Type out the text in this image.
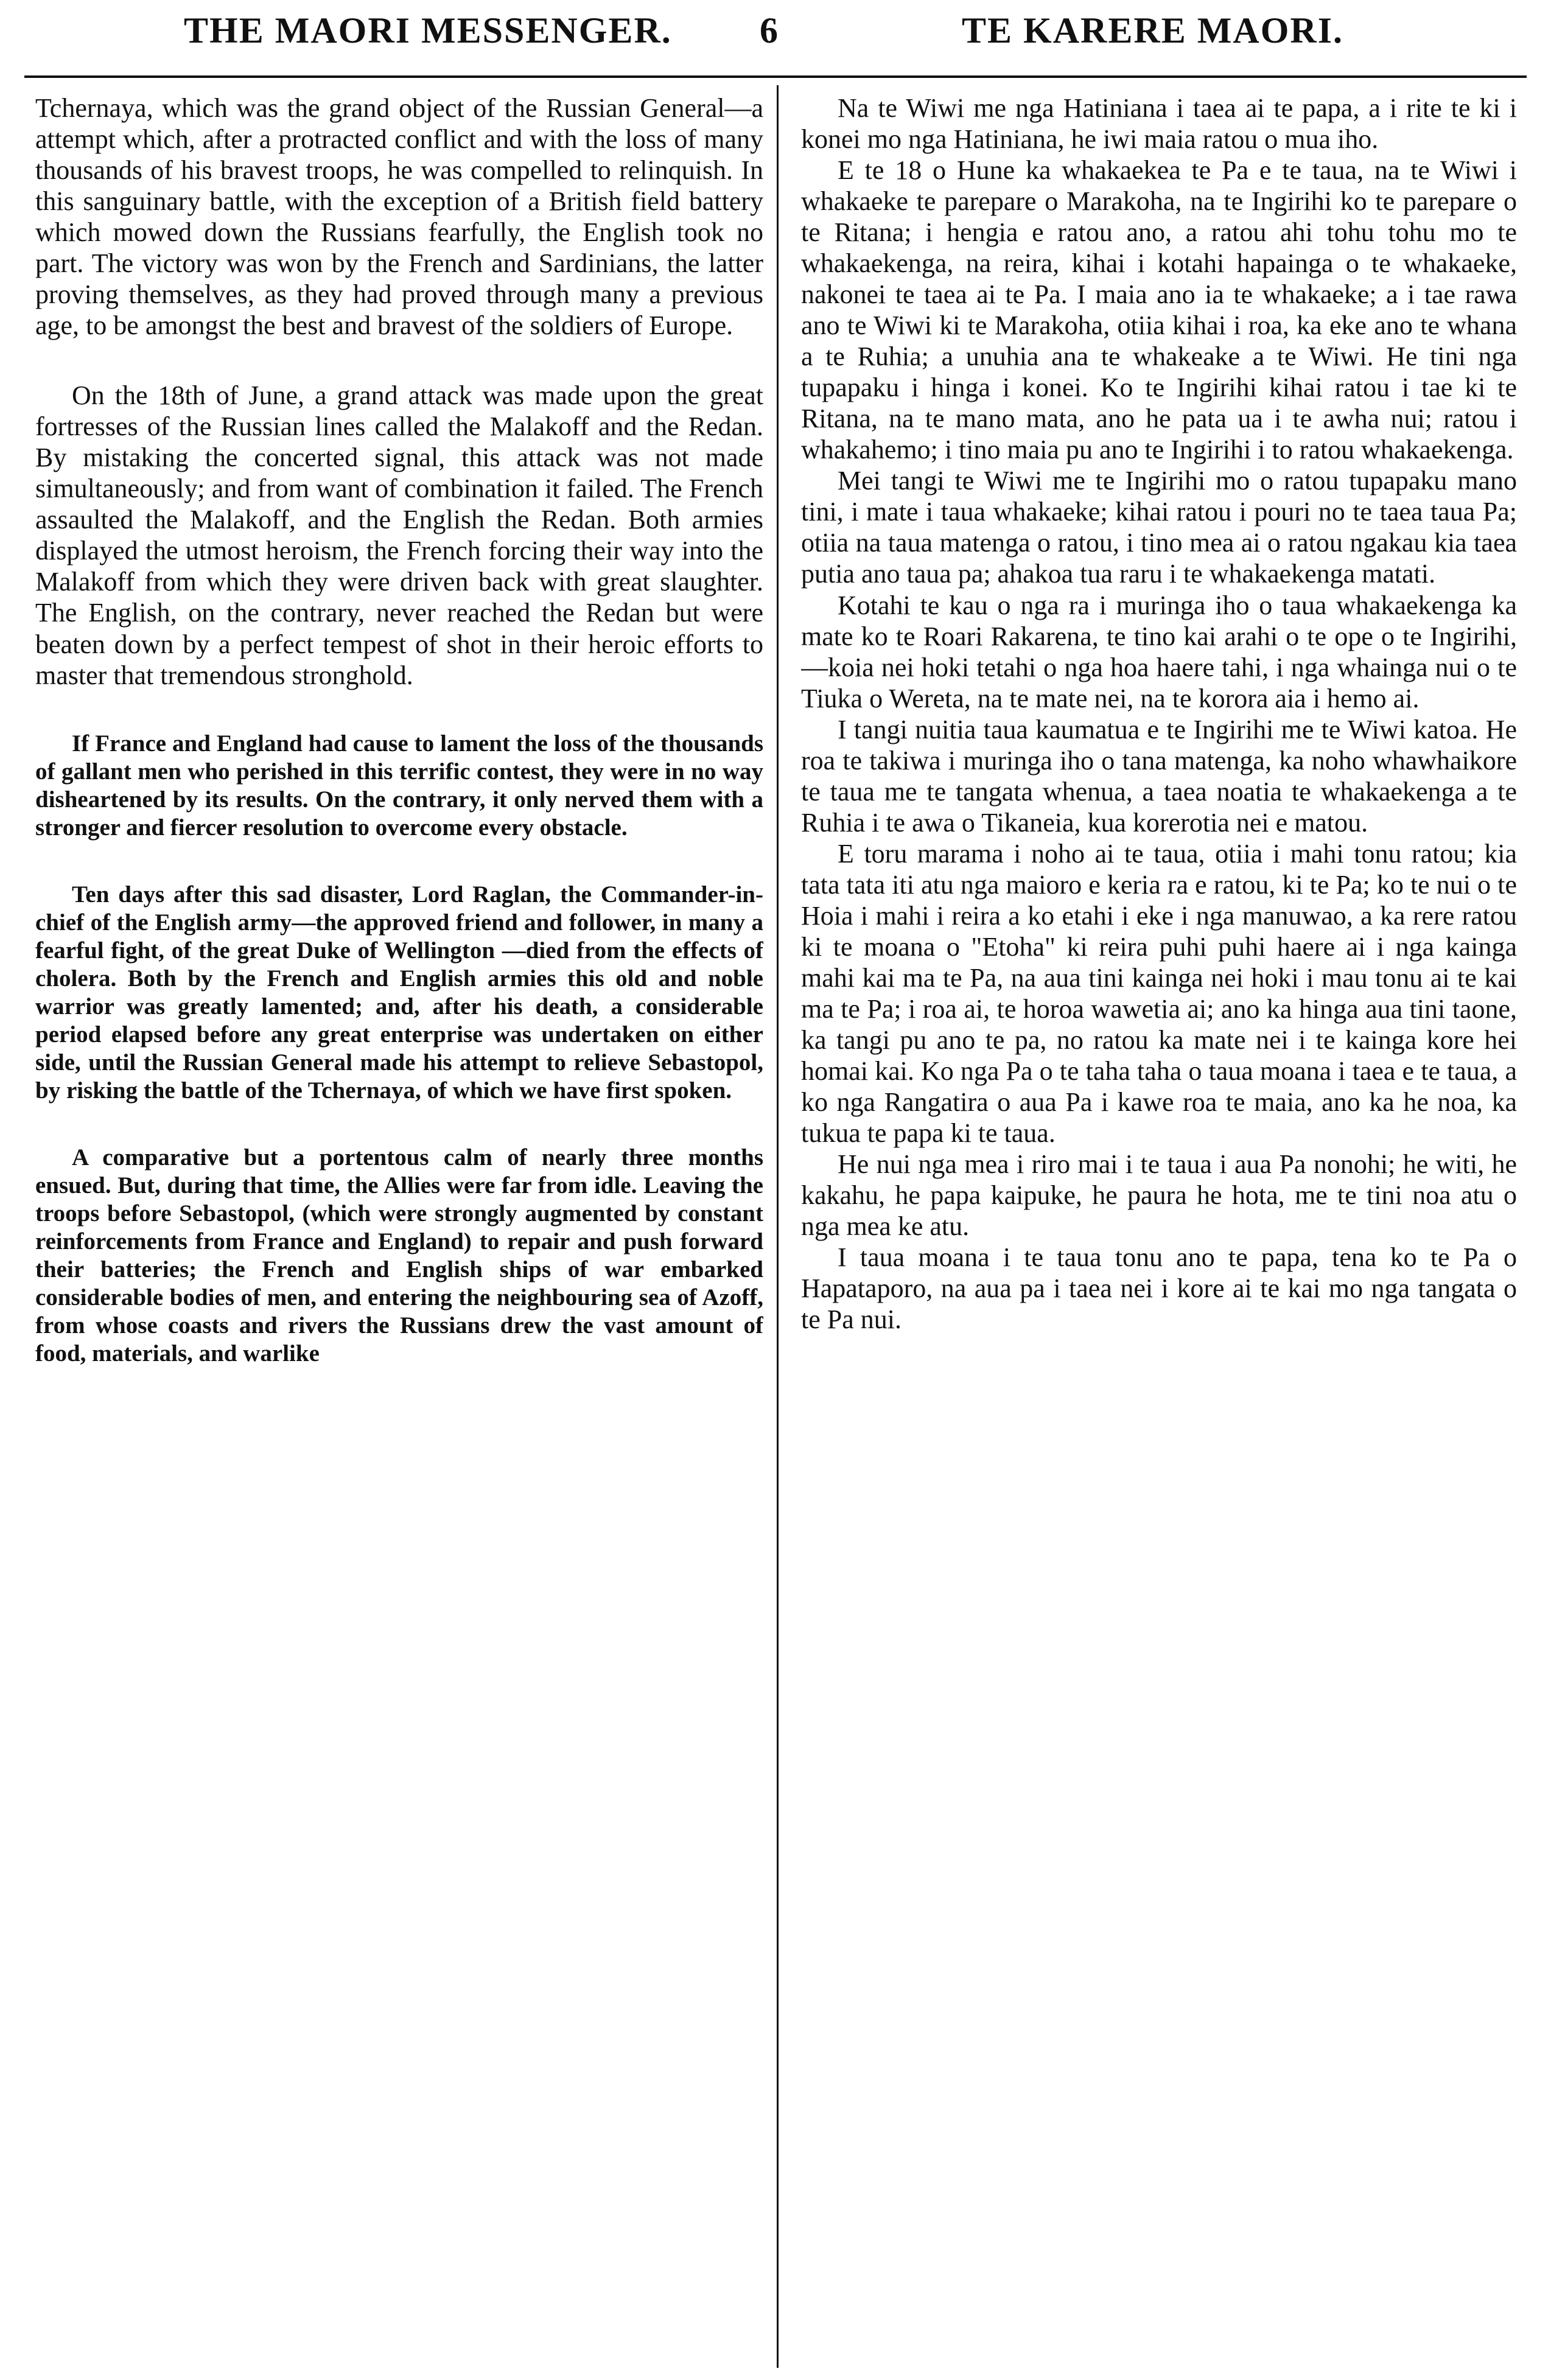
THE MAORI MESSENGER. 6	TE KARERE MAORI.

Tchernaya, which was the grand object of the Russian General—a attempt which, after a protracted conflict and with the loss of many thousands of his bravest troops, he was compelled to relinquish. In this sanguinary battle, with the exception of a British field battery which mowed down the Russians fearfully, the English took no part. The victory was won by the French and Sardinians, the latter proving themselves, as they had proved through many a previous age, to be amongst the best and bravest of the soldiers of Europe.

On the 18th of June, a grand attack was made upon the great fortresses of the Russian lines called the Malakoff and the Redan. By mistaking the concerted signal, this attack was not made simultaneously; and from want of combination it failed. The French assaulted the Malakoff, and the English the Redan. Both armies displayed the utmost heroism, the French forcing their way into the Malakoff from which they were driven back with great slaughter. The English, on the contrary, never reached the Redan but were beaten down by a perfect tempest of shot in their heroic efforts to master that tremendous stronghold.

If France and England had cause to lament the loss of the thousands of gallant men who perished in this terrific contest, they were in no way disheartened by its results. On the contrary, it only nerved them with a stronger and fiercer resolution to overcome every obstacle.

Ten days after this sad disaster, Lord Raglan, the Commander-in-chief of the English army—the approved friend and follower, in many a fearful fight, of the great Duke of Wellington —died from the effects of cholera. Both by the French and English armies this old and noble warrior was greatly lamented; and, after his death, a considerable period elapsed before any great enterprise was undertaken on either side, until the Russian General made his attempt to relieve Sebastopol, by risking the battle of the Tchernaya, of which we have first spoken.

A comparative but a portentous calm of nearly three months ensued. But, during that time, the Allies were far from idle. Leaving the troops before Sebastopol, (which were strongly augmented by constant reinforcements from France and England) to repair and push forward their batteries; the French and English ships of war embarked considerable bodies of men, and entering the neighbouring sea of Azoff, from whose coasts and rivers the Russians drew the vast amount of food, materials, and warlike

Na te Wiwi me nga Hatiniana i taea ai te papa, a i rite te ki i konei mo nga Hatiniana, he iwi maia ratou o mua iho.

E te 18 o Hune ka whakaekea te Pa e te taua, na te Wiwi i whakaeke te parepare o Marakoha, na te Ingirihi ko te parepare o te Ritana; i hengia e ratou ano, a ratou ahi tohu tohu mo te whakaekenga, na reira, kihai i kotahi hapainga o te whakaeke, nakonei te taea ai te Pa. I maia ano ia te whakaeke; a i tae rawa ano te Wiwi ki te Marakoha, otiia kihai i roa, ka eke ano te whana a te Ruhia; a unuhia ana te whakeake a te Wiwi. He tini nga tupapaku i hinga i konei. Ko te Ingirihi kihai ratou i tae ki te Ritana, na te mano mata, ano he pata ua i te awha nui; ratou i whakahemo; i tino maia pu ano te Ingirihi i to ratou whakaekenga.

Mei tangi te Wiwi me te Ingirihi mo o ratou tupapaku mano tini, i mate i taua whakaeke; kihai ratou i pouri no te taea taua Pa; otiia na taua matenga o ratou, i tino mea ai o ratou ngakau kia taea putia ano taua pa; ahakoa tua raru i te whakaekenga matati.

Kotahi te kau o nga ra i muringa iho o taua whakaekenga ka mate ko te Roari Rakarena, te tino kai arahi o te ope o te Ingirihi, —koia nei hoki tetahi o nga hoa haere tahi, i nga whainga nui o te Tiuka o Wereta, na te mate nei, na te korora aia i hemo ai.

I tangi nuitia taua kaumatua e te Ingirihi me te Wiwi katoa. He roa te takiwa i muringa iho o tana matenga, ka noho whawhaikore te taua me te tangata whenua, a taea noatia te whakaekenga a te Ruhia i te awa o Tikaneia, kua korerotia nei e matou.

E toru marama i noho ai te taua, otiia i mahi tonu ratou; kia tata tata iti atu nga maioro e keria ra e ratou, ki te Pa; ko te nui o te Hoia i mahi i reira a ko etahi i eke i nga manuwao, a ka rere ratou ki te moana o "Etoha" ki reira puhi puhi haere ai i nga kainga mahi kai ma te Pa, na aua tini kainga nei hoki i mau tonu ai te kai ma te Pa; i roa ai, te horoa wawetia ai; ano ka hinga aua tini taone, ka tangi pu ano te pa, no ratou ka mate nei i te kainga kore hei homai kai. Ko nga Pa o te taha taha o taua moana i taea e te taua, a ko nga Rangatira o aua Pa i kawe roa te maia, ano ka he noa, ka tukua te papa ki te taua.

He nui nga mea i riro mai i te taua i aua Pa nonohi; he witi, he kakahu, he papa kaipuke, he paura he hota, me te tini noa atu o nga mea ke atu.

I taua moana i te taua tonu ano te papa, tena ko te Pa o Hapataporo, na aua pa i taea nei i kore ai te kai mo nga tangata o te Pa nui.
